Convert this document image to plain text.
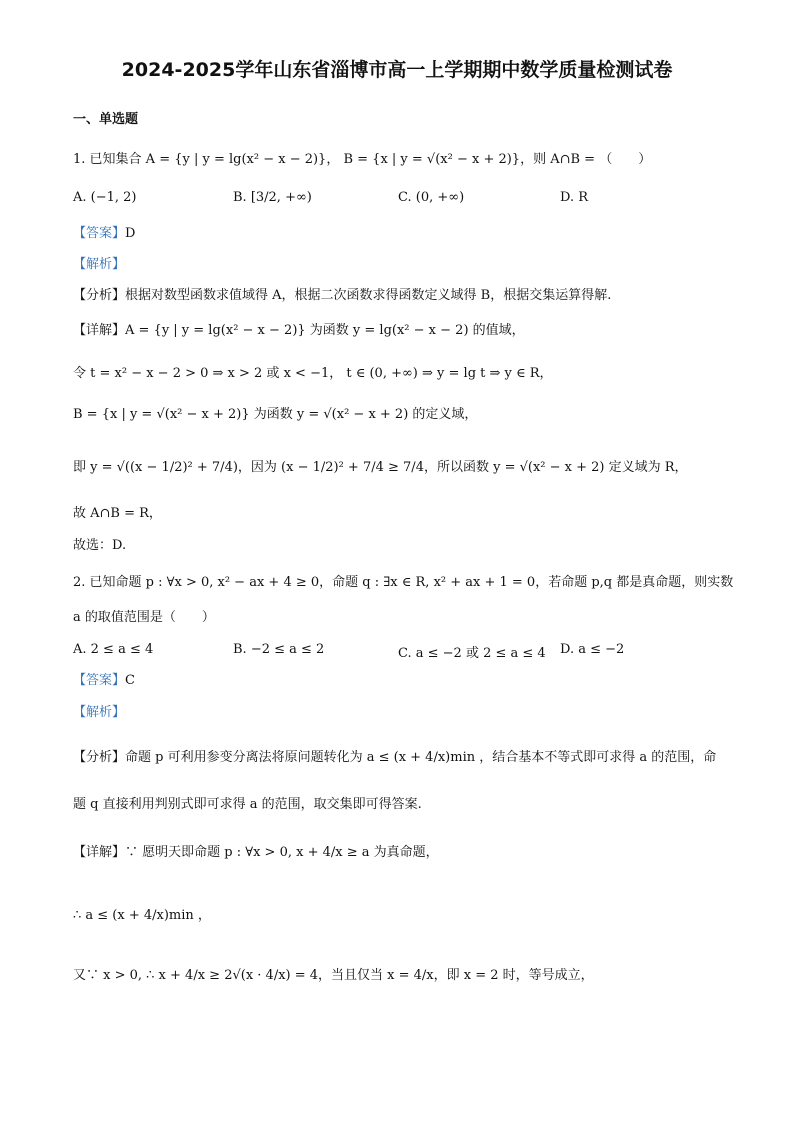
2024-2025学年山东省淄博市高一上学期期中数学质量检测试卷
一、单选题
1. 已知集合 A = {y | y = lg(x² − x − 2)}， B = {x | y = √(x² − x + 2)}，则 A∩B = （　　）
A. (−1, 2)	B. [3/2, +∞)	C. (0, +∞)	D. R
【答案】D
【解析】
【分析】根据对数型函数求值域得 A，根据二次函数求得函数定义域得 B，根据交集运算得解.
【详解】A = {y | y = lg(x² − x − 2)} 为函数 y = lg(x² − x − 2) 的值域，
令 t = x² − x − 2 > 0 ⇒ x > 2 或 x < −1， t ∈ (0, +∞) ⇒ y = lg t ⇒ y ∈ R，
B = {x | y = √(x² − x + 2)} 为函数 y = √(x² − x + 2) 的定义域，
即 y = √((x − 1/2)² + 7/4)，因为 (x − 1/2)² + 7/4 ≥ 7/4，所以函数 y = √(x² − x + 2) 定义域为 R，
故 A∩B = R，
故选：D.
2. 已知命题 p : ∀x > 0, x² − ax + 4 ≥ 0，命题 q : ∃x ∈ R, x² + ax + 1 = 0，若命题 p,q 都是真命题，则实数
a 的取值范围是（　　）
A. 2 ≤ a ≤ 4	B. −2 ≤ a ≤ 2	C. a ≤ −2 或 2 ≤ a ≤ 4 D. a ≤ −2
【答案】C
【解析】
【分析】命题 p 可利用参变分离法将原问题转化为 a ≤ (x + 4/x)min ，结合基本不等式即可求得 a 的范围，命
题 q 直接利用判别式即可求得 a 的范围，取交集即可得答案.
【详解】∵ 愿明天即命题 p : ∀x > 0, x + 4/x ≥ a 为真命题，
∴ a ≤ (x + 4/x)min ，
又∵ x > 0, ∴ x + 4/x ≥ 2√(x · 4/x) = 4，当且仅当 x = 4/x，即 x = 2 时，等号成立，
